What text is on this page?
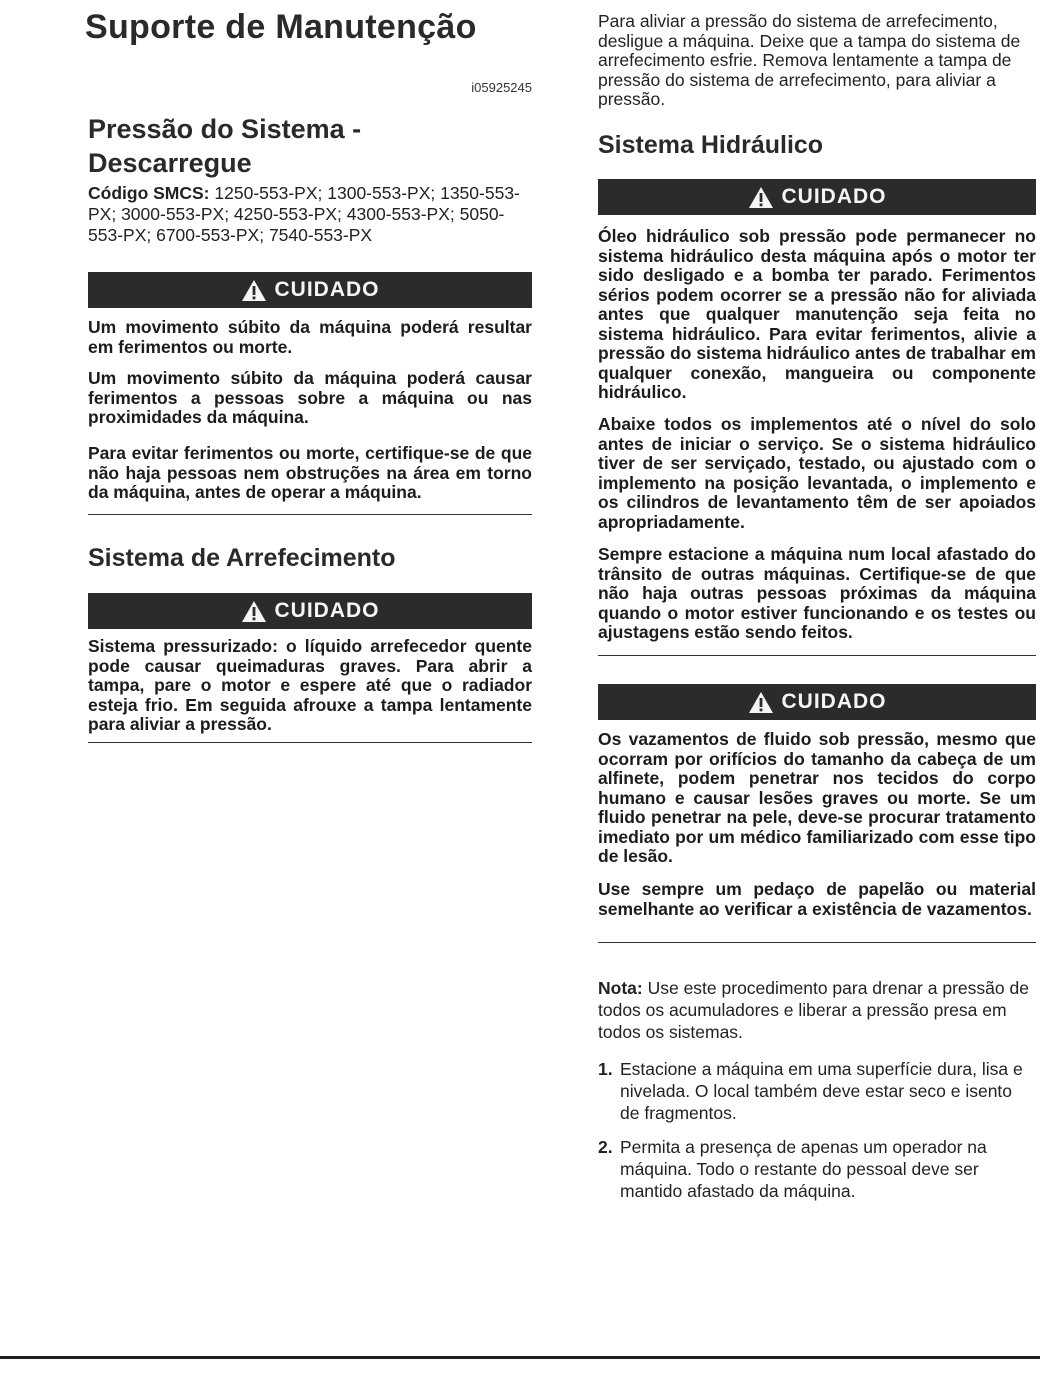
Suporte de Manutenção
i05925245
Pressão do Sistema - Descarregue

Código SMCS: 1250-553-PX; 1300-553-PX; 1350-553-PX; 3000-553-PX; 4250-553-PX; 4300-553-PX; 5050-553-PX; 6700-553-PX; 7540-553-PX

CUIDADO

Um movimento súbito da máquina poderá resultar em ferimentos ou morte.

Um movimento súbito da máquina poderá causar ferimentos a pessoas sobre a máquina ou nas proximidades da máquina.

Para evitar ferimentos ou morte, certifique-se de que não haja pessoas nem obstruções na área em torno da máquina, antes de operar a máquina.

Sistema de Arrefecimento
CUIDADO

Sistema pressurizado: o líquido arrefecedor quente pode causar queimaduras graves. Para abrir a tampa, pare o motor e espere até que o radiador esteja frio. Em seguida afrouxe a tampa lentamente para aliviar a pressão.

Para aliviar a pressão do sistema de arrefecimento, desligue a máquina. Deixe que a tampa do sistema de arrefecimento esfrie. Remova lentamente a tampa de pressão do sistema de arrefecimento, para aliviar a pressão.

Sistema Hidráulico
CUIDADO

Óleo hidráulico sob pressão pode permanecer no sistema hidráulico desta máquina após o motor ter sido desligado e a bomba ter parado. Ferimentos sérios podem ocorrer se a pressão não for aliviada antes que qualquer manutenção seja feita no sistema hidráulico. Para evitar ferimentos, alivie a pressão do sistema hidráulico antes de trabalhar em qualquer conexão, mangueira ou componente hidráulico.

Abaixe todos os implementos até o nível do solo antes de iniciar o serviço. Se o sistema hidráulico tiver de ser serviçado, testado, ou ajustado com o implemento na posição levantada, o implemento e os cilindros de levantamento têm de ser apoiados apropriadamente.

Sempre estacione a máquina num local afastado do trânsito de outras máquinas. Certifique-se de que não haja outras pessoas próximas da máquina quando o motor estiver funcionando e os testes ou ajustagens estão sendo feitos.

CUIDADO

Os vazamentos de fluido sob pressão, mesmo que ocorram por orifícios do tamanho da cabeça de um alfinete, podem penetrar nos tecidos do corpo humano e causar lesões graves ou morte. Se um fluido penetrar na pele, deve-se procurar tratamento imediato por um médico familiarizado com esse tipo de lesão.

Use sempre um pedaço de papelão ou material semelhante ao verificar a existência de vazamentos.

Nota: Use este procedimento para drenar a pressão de todos os acumuladores e liberar a pressão presa em todos os sistemas.

1. Estacione a máquina em uma superfície dura, lisa e nivelada. O local também deve estar seco e isento de fragmentos.

2. Permita a presença de apenas um operador na máquina. Todo o restante do pessoal deve ser mantido afastado da máquina.
